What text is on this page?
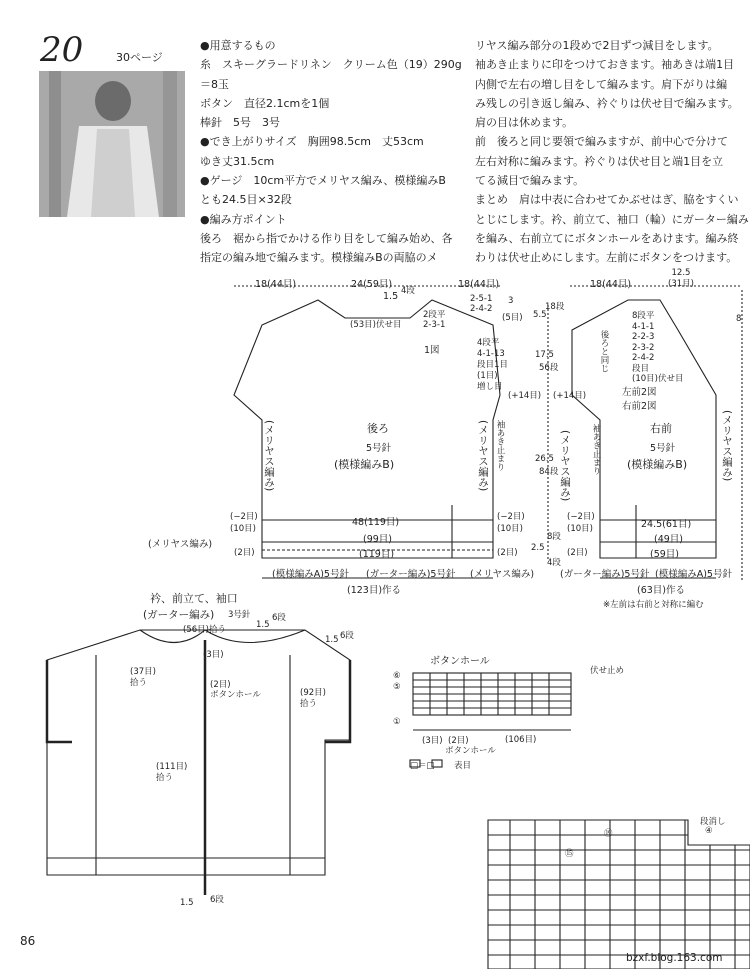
20	30ページ
●用意するもの
糸　スキーグラードリネン　クリーム色（19）290g
＝8玉
ボタン　直径2.1cmを1個
棒針　5号　3号
●でき上がりサイズ　胸囲98.5cm　丈53cm
ゆき丈31.5cm
●ゲージ　10cm平方でメリヤス編み、模様編みB
とも24.5目×32段
●編み方ポイント
後ろ　裾から指でかける作り目をして編み始め、各
指定の編み地で編みます。模様編みBの両脇のメ
リヤス編み部分の1段めで2目ずつ減目をします。
袖あき止まりに印をつけておきます。袖あきは端1目
内側で左右の増し目をして編みます。肩下がりは編
み残しの引き返し編み、衿ぐりは伏せ目で編みます。
肩の目は休めます。
前　後ろと同じ要領で編みますが、前中心で分けて
左右対称に編みます。衿ぐりは伏せ目と端1目を立
てる減目で編みます。
まとめ　肩は中表に合わせてかぶせはぎ、脇をすくい
とじにします。衿、前立て、袖口（輪）にガーター編み
を編み、右前立てにボタンホールをあけます。編み終
わりは伏せ止めにします。左前にボタンをつけます。
18(44目)	24(59目)	18(44目)
1.5 4段
(53目)伏せ目
2段平
2-3-1
2-5-1
2-4-2
3
(5目)
1図
4段平
4-1-13
段目1目
(1目)
増し目
(+14目) (+14目)
後ろ
5号針
(模様編みB)
(メリヤス編み)	(メリヤス編み) 袖あき止まり
(−2目)
(10目)
(−2目)
(10目)
48(119目)
(99目)
(119目)
(2目)	(2目)
(メリヤス編み)
(模様編みA)5号針 (ガーター編み)5号針 (メリヤス編み)
(123目)作る
5.5
18段
17.5
56段
26.5
84段
2.5
8段
4段
袖あき止まり
18(44目)
12.5
(31目)
8段平
4-1-1
2-2-3
2-3-2
2-4-2
段目
(10目)伏せ目
後ろと同じ
左前2図
右前2図
右前
5号針
(模様編みB)
(メリヤス編み)	(メリヤス編み)
(−2目)
(10目)	24.5(61目)
(49目)
(59目)
(2目)
(ガーター編み)5号針 (模様編みA)5号針
(63目)作る
※左前は右前と対称に編む
8
衿、前立て、袖口
(ガーター編み) 3号針
(56目)拾う	1.5
6段
1.5 6段
(3目)
(2目)
ボタンホール
(37目)
拾う
(92目)
拾う
(111目)
拾う
1.5 6段
ボタンホール
伏せ止め
⑥
⑤
①
(3目) (2目)	(106目)
ボタンホール
□＝□ 表目
段消し
④
⑲
⑮
86
bzxf.blog.163.com
